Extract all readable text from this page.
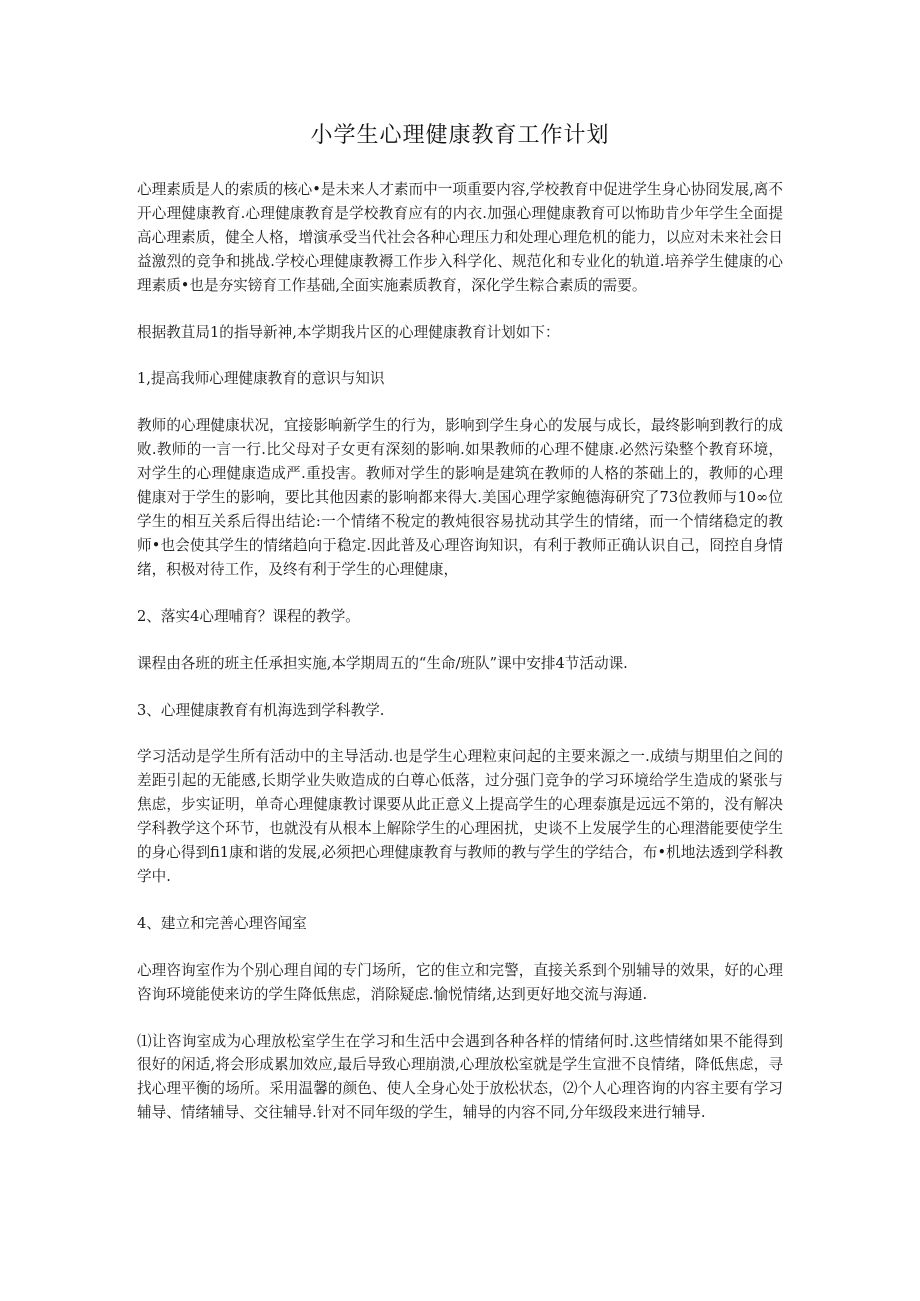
小学生心理健康教育工作计划

心理素质是人的索质的核心•是未来人才素而中一项重要内容,学校教育中促进学生身心协冏发展,离不开心理健康教育.心理健康教育是学校教育应有的内衣.加强心理健康教育可以怖助肯少年学生全面提高心理素质，健全人格，增演承受当代社会各种心理压力和处理心理危机的能力，以应对未来社会日益激烈的竞争和挑战.学校心理健康教褥工作步入科学化、规范化和专业化的轨道.培养学生健康的心理素质•也是夯实镑育工作基础,全面实施素质教育，深化学生粽合素质的需要。

根据教苴局1的指导新神,本学期我片区的心理健康教育计划如下：

1,提高我师心理健康教育的意识与知识

教师的心理健康状况，宜接影晌新学生的行为，影响到学生身心的发展与成长，最终影响到教行的成败.教师的一言一行.比父母对子女更有深刻的影响.如果教师的心理不健康.必然污染整个教育环境，对学生的心理健康造成严.重投害。教师对学生的影响是建筑在教师的人格的茶础上的，教师的心理健康对于学生的影响，要比其他因素的影响都来得大.美国心理学家鲍德海研究了73位教师与10∞位学生的相互关系后得出结论:一个情绪不稅定的教炖很容易扰动其学生的情绪，而一个情绪稳定的教师•也会使其学生的情绪趋向于稳定.因此普及心理咨询知识，有利于教师正确认识自己，冏控自身情绪，积极对待工作，及终有利于学生的心理健康，

2、落实4心理哺育？课程的教学。

课程由各班的班主任承担实施,本学期周五的“生命/班队”课中安排4节活动课.

3、心理健康教育有机海选到学科教学.

学习活动是学生所有活动中的主导活动.也是学生心理粒束问起的主要来源之一.成绩与期里伯之间的差距引起的无能感,长期学业失败造成的白尊心低落，过分强门竞争的学习环境给学生造成的紧张与焦虑，步实证明，单奇心理健康教讨课要从此正意义上提高学生的心理泰旗是远远不第的，没有解决学科教学这个环节，也就没有从根本上解除学生的心理困扰，史谈不上发展学生的心理潜能要使学生的身心得到fi1康和谐的发展,必须把心理健康教育与教师的教与学生的学结合，布•机地法透到学科教学中.

4、建立和完善心理咨闻室

心理咨询室作为个别心理自闻的专门场所，它的隹立和完警，直接关系到个别辅导的效果，好的心理咨询环境能使来访的学生降低焦虑，消除疑虑.愉悦情绪,达到更好地交流与海通.

⑴让咨询室成为心理放松室学生在学习和生活中会遇到各种各样的情绪何时.这些情绪如果不能得到很好的闲适,将会形成累加效应,最后导致心理崩溃,心理放松室就是学生宣泄不良情绪，降低焦虑，寻找心理平衡的场所。采用温馨的颜色、使人全身心处于放松状态，⑵个人心理咨询的内容主要有学习辅导、情绪辅导、交往辅导.针对不同年级的学生，辅导的内容不同,分年级段来进行辅导.
